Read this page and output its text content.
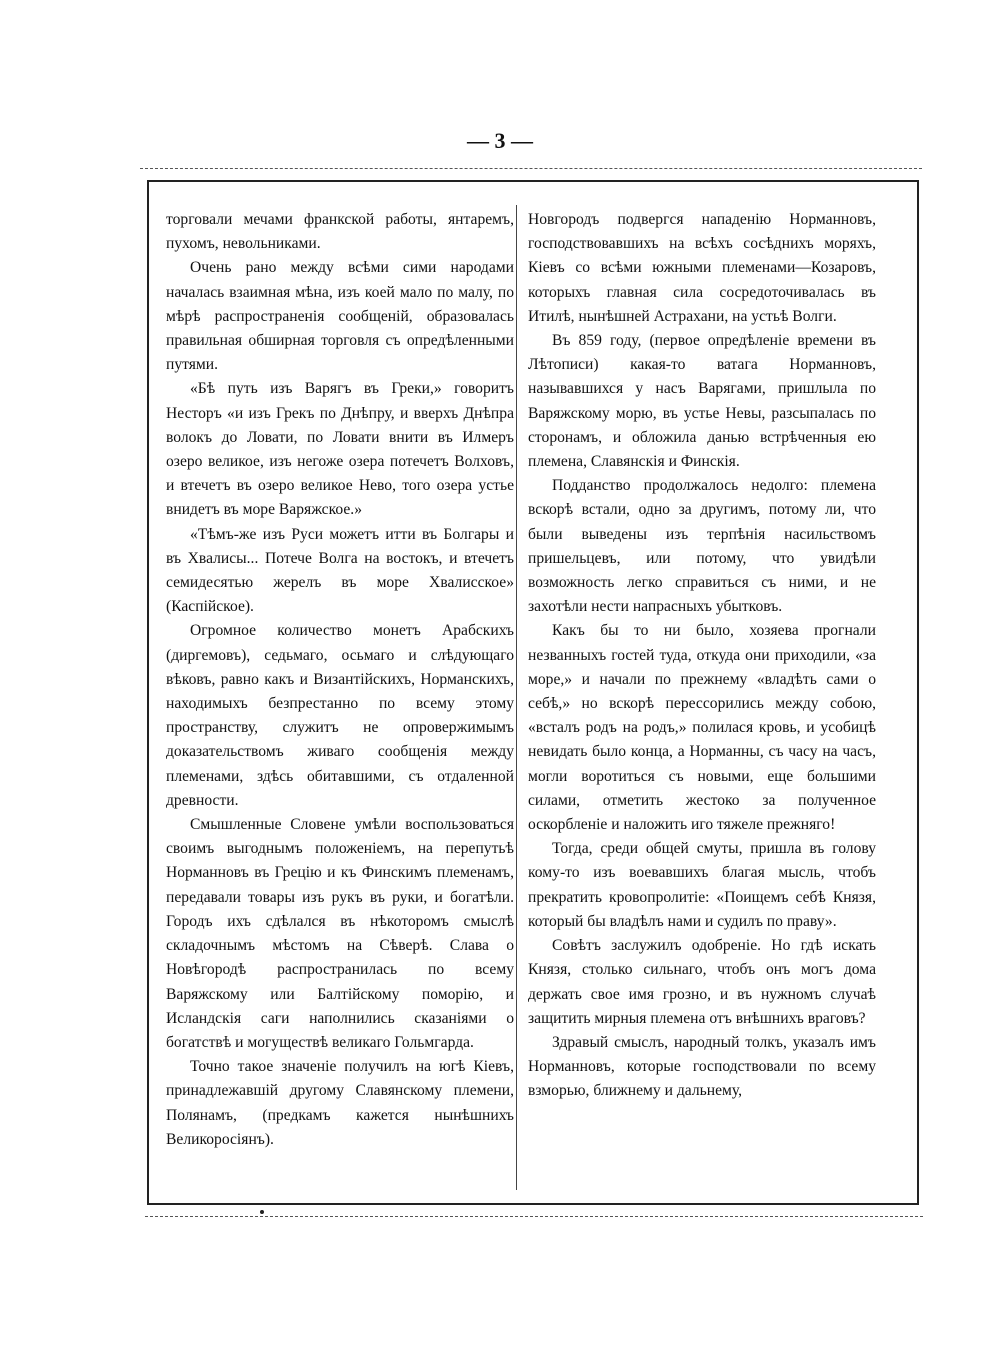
— 3 —

торговали мечами франкской работы, янтаремъ, пухомъ, невольниками.

Очень рано между всѣми сими народами началась взаимная мѣна, изъ коей мало по малу, по мѣрѣ распространенія сообщеній, образовалась правильная обширная торговля съ опредѣленными путями.

«Бѣ путь изъ Варягъ въ Греки,» говоритъ Несторъ «и изъ Грекъ по Днѣпру, и вверхъ Днѣпра волокъ до Ловати, по Ловати внити въ Илмеръ озеро великое, изъ негоже озера потечетъ Волховъ, и втечетъ въ озеро великое Нево, того озера устье внидетъ въ море Варяжское.»

«Тѣмъ-же изъ Руси можетъ итти въ Болгары и въ Хвалисы... Потече Волга на востокъ, и втечетъ семидесятью жерелъ въ море Хвалисское» (Каспійское).

Огромное количество монетъ Арабскихъ (диргемовъ), седьмаго, осьмаго и слѣдующаго вѣковъ, равно какъ и Византійскихъ, Норманскихъ, находимыхъ безпрестанно по всему этому пространству, служитъ не опровержимымъ доказательствомъ живаго сообщенія между племенами, здѣсь обитавшими, съ отдаленной древности.

Смышленные Словене умѣли воспользоваться своимъ выгоднымъ положеніемъ, на перепутьѣ Норманновъ въ Грецію и къ Финскимъ племенамъ, передавали товары изъ рукъ въ руки, и богатѣли. Городъ ихъ сдѣлался въ нѣкоторомъ смыслѣ складочнымъ мѣстомъ на Сѣверѣ. Слава о Новѣгородѣ распространилась по всему Варяжскому или Балтійскому поморію, и Исландскія саги наполнились сказаніями о богатствѣ и могуществѣ великаго Гольмгарда.

Точно такое значеніе получилъ на югѣ Кіевъ, принадлежавшій другому Славянскому племени, Полянамъ, (предкамъ кажется нынѣшнихъ Великоросіянъ).

Новгородъ подвергся нападенію Норманновъ, господствовавшихъ на всѣхъ сосѣднихъ моряхъ, Кіевъ со всѣми южными племенами—Козаровъ, которыхъ главная сила сосредоточивалась въ Итилѣ, нынѣшней Астрахани, на устьѣ Волги.

Въ 859 году, (первое опредѣленіе времени въ Лѣтописи) какая-то ватага Норманновъ, называвшихся у насъ Варягами, пришлыла по Варяжскому морю, въ устье Невы, разсыпалась по сторонамъ, и обложила данью встрѣченныя ею племена, Славянскія и Финскія.

Подданство продолжалось недолго: племена вскорѣ встали, одно за другимъ, потому ли, что были выведены изъ терпѣнія насильствомъ пришельцевъ, или потому, что увидѣли возможность легко справиться съ ними, и не захотѣли нести напрасныхъ убытковъ.

Какъ бы то ни было, хозяева прогнали незванныхъ гостей туда, откуда они приходили, «за море,» и начали по прежнему «владѣть сами о себѣ,» но вскорѣ перессорились между собою, «всталъ родъ на родъ,» полилася кровь, и усобицѣ невидать было конца, а Норманны, съ часу на часъ, могли воротиться съ новыми, еще большими силами, отметить жестоко за полученное оскорбленіе и наложить иго тяжеле прежняго!

Тогда, среди общей смуты, пришла въ голову кому-то изъ воевавшихъ благая мысль, чтобъ прекратить кровопролитіе: «Поищемъ себѣ Князя, который бы владѣлъ нами и судилъ по праву».

Совѣтъ заслужилъ одобреніе. Но гдѣ искать Князя, столько сильнаго, чтобъ онъ могъ дома держать свое имя грозно, и въ нужномъ случаѣ защитить мирныя племена отъ внѣшнихъ враговъ?

Здравый смыслъ, народный толкъ, указалъ имъ Норманновъ, которые господствовали по всему взморью, ближнему и дальнему,
